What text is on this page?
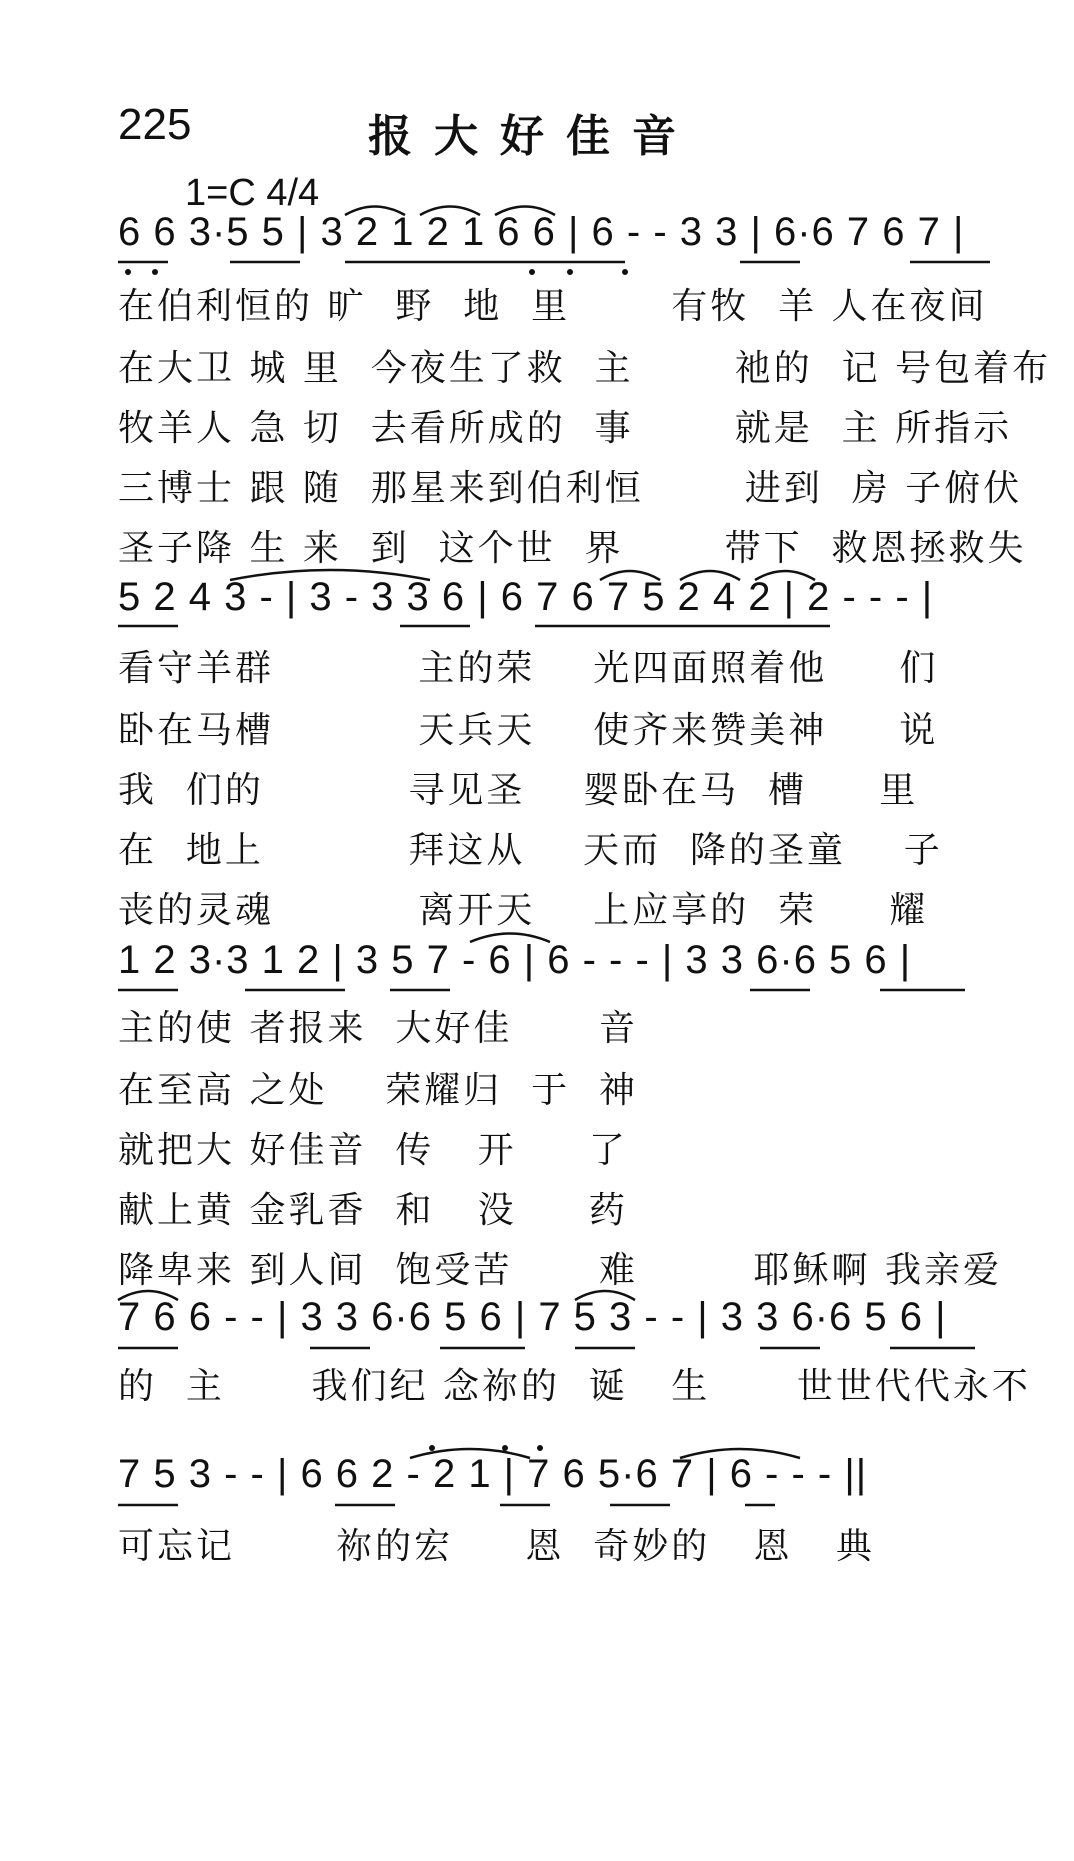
225	报大好佳音
1=C 4/4
6 6 3·5 5 | 3 2 1 2 1 6 6 | 6 - - 3 3 | 6·6 7 6 7 |
在伯利恒的 旷  野  地  里       有牧  羊 人在夜间
在大卫 城 里  今夜生了救  主       祂的  记 号包着布
牧羊人 急 切  去看所成的  事       就是  主 所指示
三博士 跟 随  那星来到伯利恒       进到  房 子俯伏
圣子降 生 来  到  这个世  界       带下  救恩拯救失
5 2 4 3 - | 3 - 3 3 6 | 6 7 6 7 5 2 4 2 | 2 - - - |
看守羊群          主的荣    光四面照着他     们
卧在马槽          天兵天    使齐来赞美神     说
我  们的          寻见圣    婴卧在马  槽     里
在  地上          拜这从    天而  降的圣童    子
丧的灵魂          离开天    上应享的  荣     耀
1 2 3·3 1 2 | 3 5 7 - 6 | 6 - - - | 3 3 6·6 5 6 |
主的使 者报来  大好佳      音
在至高 之处    荣耀归  于  神
就把大 好佳音  传   开     了
献上黄 金乳香  和   没     药
降卑来 到人间  饱受苦      难        耶稣啊 我亲爱
7 6 6 - - | 3 3 6·6 5 6 | 7 5 3 - - | 3 3 6·6 5 6 |
的  主      我们纪 念祢的  诞   生      世世代代永不
7 5 3 - - | 6 6 2 - 2 1 | 7 6 5·6 7 | 6 - - - ||
可忘记       祢的宏     恩  奇妙的   恩   典
